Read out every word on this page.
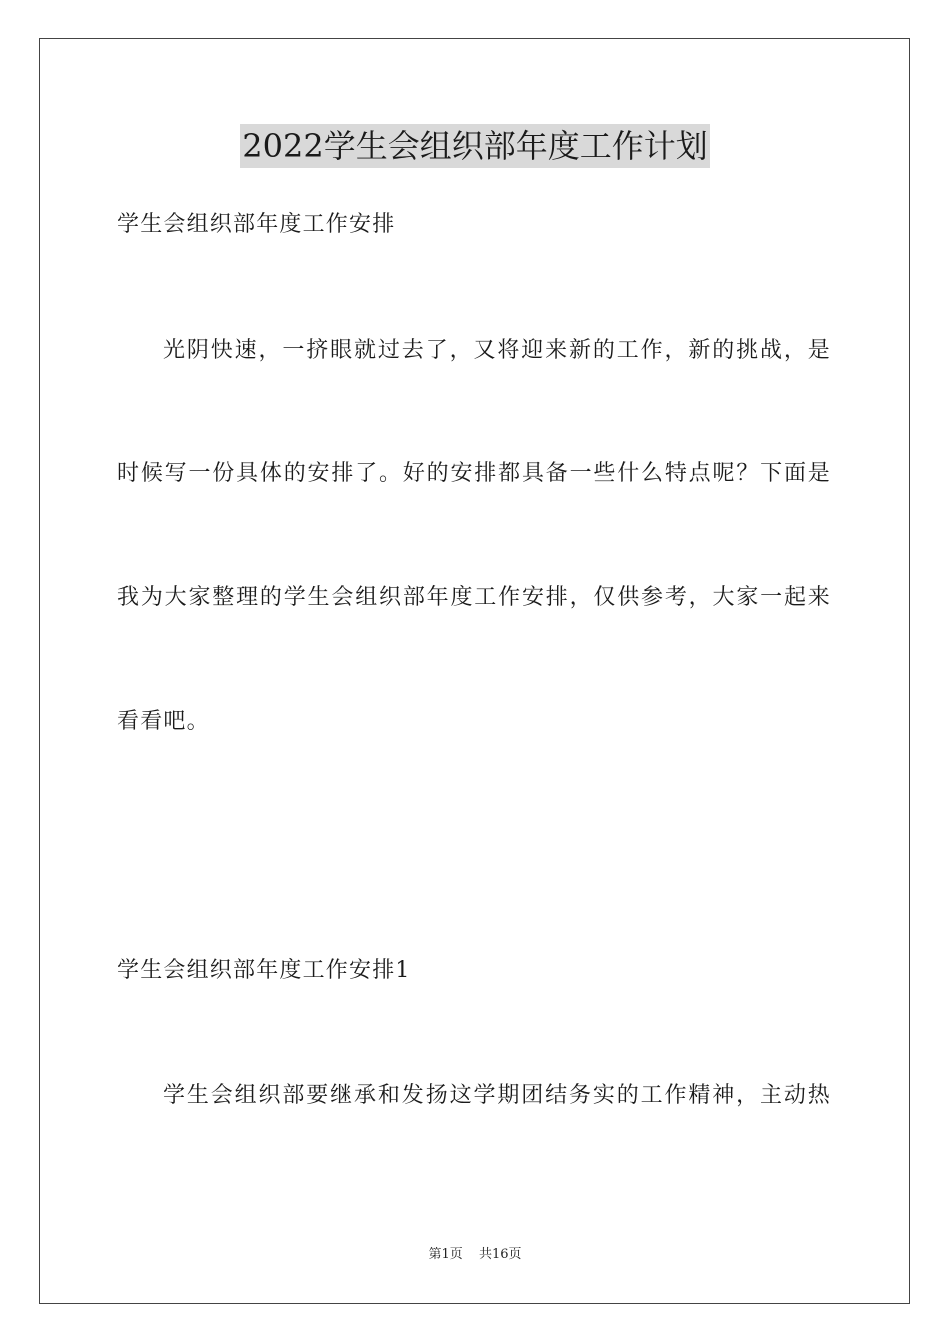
2022学生会组织部年度工作计划
学生会组织部年度工作安排
光阴快速，一挤眼就过去了，又将迎来新的工作，新的挑战，是
时候写一份具体的安排了。好的安排都具备一些什么特点呢？下面是
我为大家整理的学生会组织部年度工作安排，仅供参考，大家一起来
看看吧。
学生会组织部年度工作安排1
学生会组织部要继承和发扬这学期团结务实的工作精神，主动热
第1页 共16页
